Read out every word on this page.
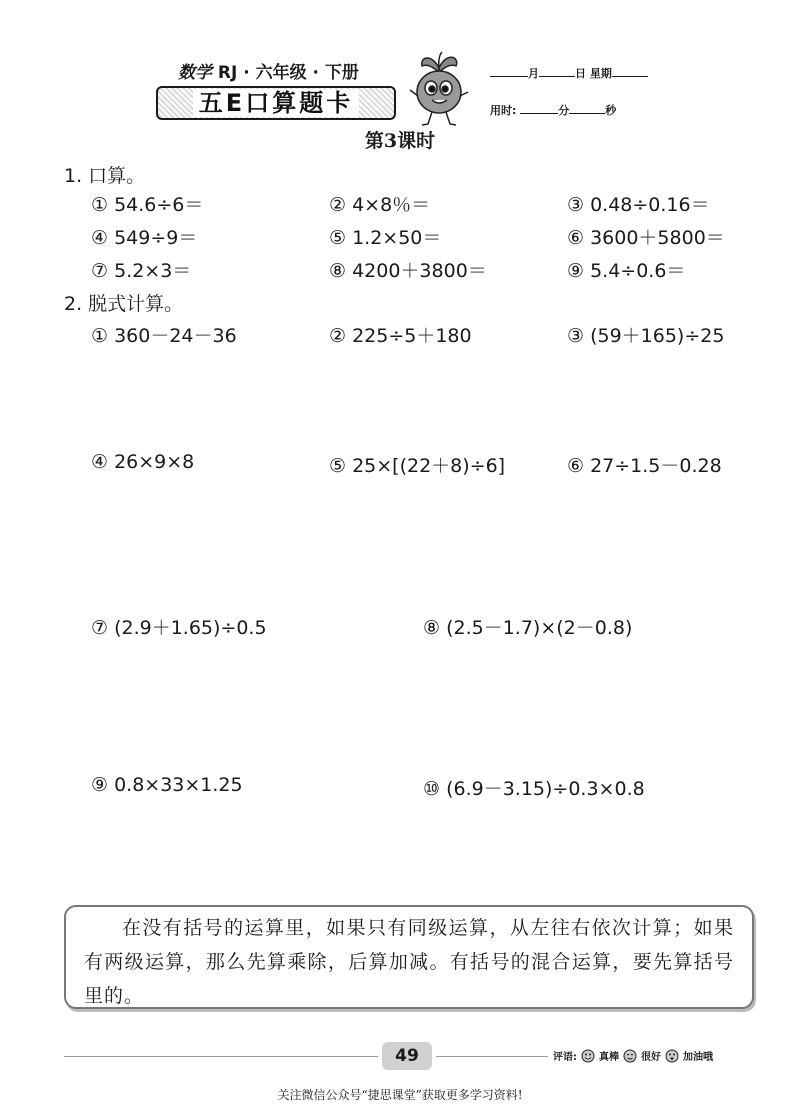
数学 RJ · 六年级 · 下册
五E口算题卡
月	日 星期
用时:	分	秒
第3课时
1. 口算。
① 54.6÷6＝	② 4×8％＝	③ 0.48÷0.16＝
④ 549÷9＝	⑤ 1.2×50＝	⑥ 3600＋5800＝
⑦ 5.2×3＝	⑧ 4200＋3800＝	⑨ 5.4÷0.6＝
2. 脱式计算。
① 360－24－36	② 225÷5＋180	③ (59＋165)÷25
④ 26×9×8	⑤ 25×[(22＋8)÷6]	⑥ 27÷1.5－0.28
⑦ (2.9＋1.65)÷0.5	⑧ (2.5－1.7)×(2－0.8)
⑨ 0.8×33×1.25	⑩ (6.9－3.15)÷0.3×0.8
在没有括号的运算里，如果只有同级运算，从左往右依次计算；如果有两级运算，那么先算乘除，后算加减。有括号的混合运算，要先算括号里的。
49	评语: 真棒 很好 加油哦
关注微信公众号“捷思课堂”获取更多学习资料!
